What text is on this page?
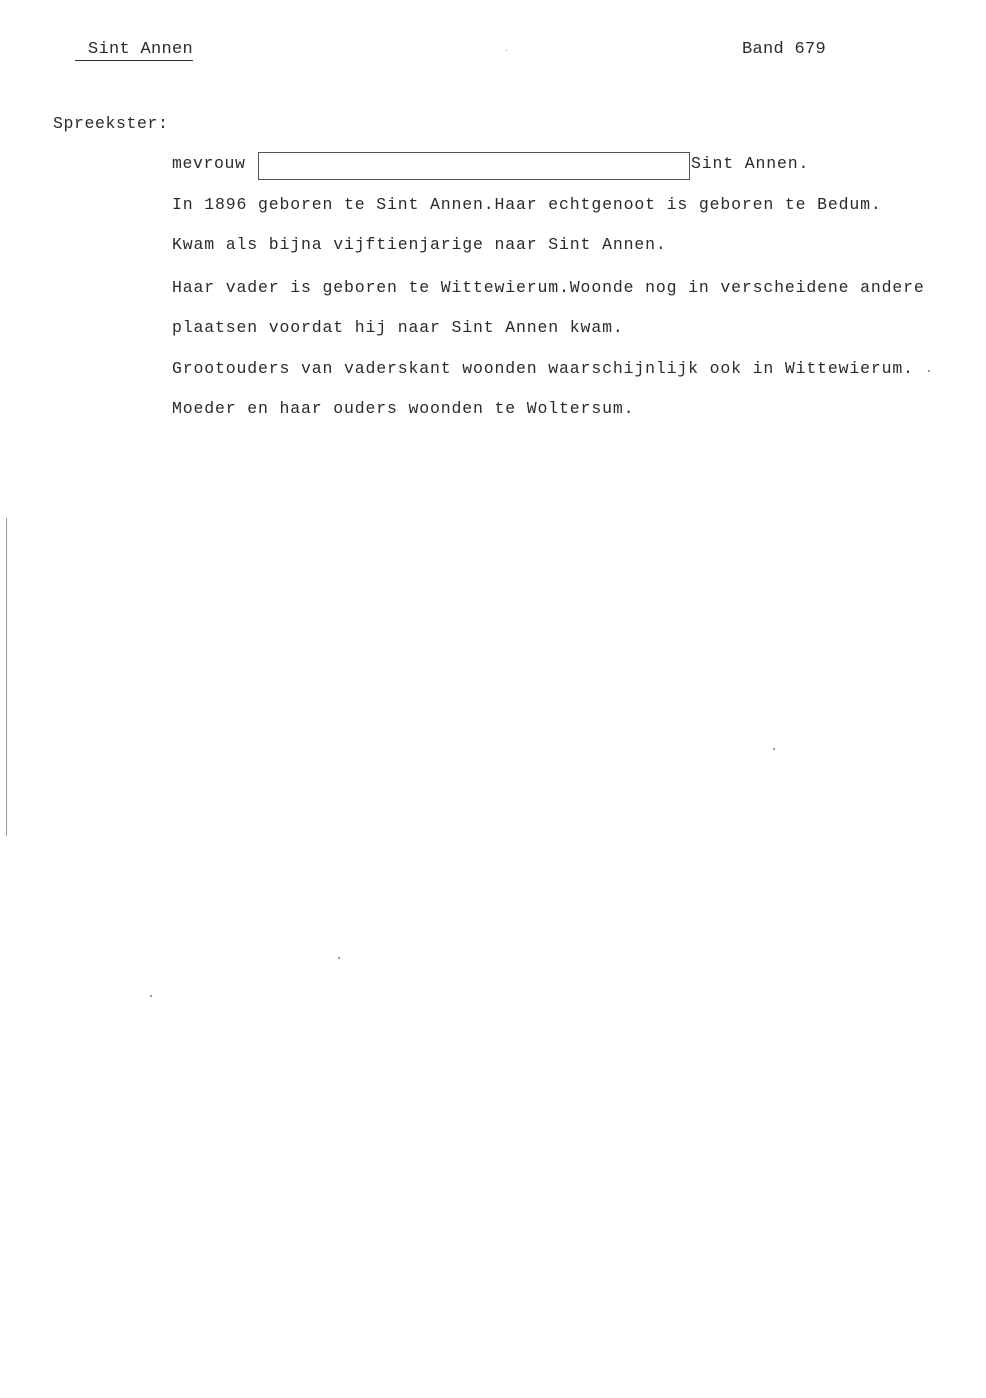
Sint Annen	Band 679
Spreekster:
mevrouw	Sint Annen.
In 1896 geboren te Sint Annen.Haar echtgenoot is geboren te Bedum.
Kwam als bijna vijftienjarige naar Sint Annen.
Haar vader is geboren te Wittewierum.Woonde nog in verscheidene andere
plaatsen voordat hij naar Sint Annen kwam.
Grootouders van vaderskant woonden waarschijnlijk ook in Wittewierum.
Moeder en haar ouders woonden te Woltersum.
